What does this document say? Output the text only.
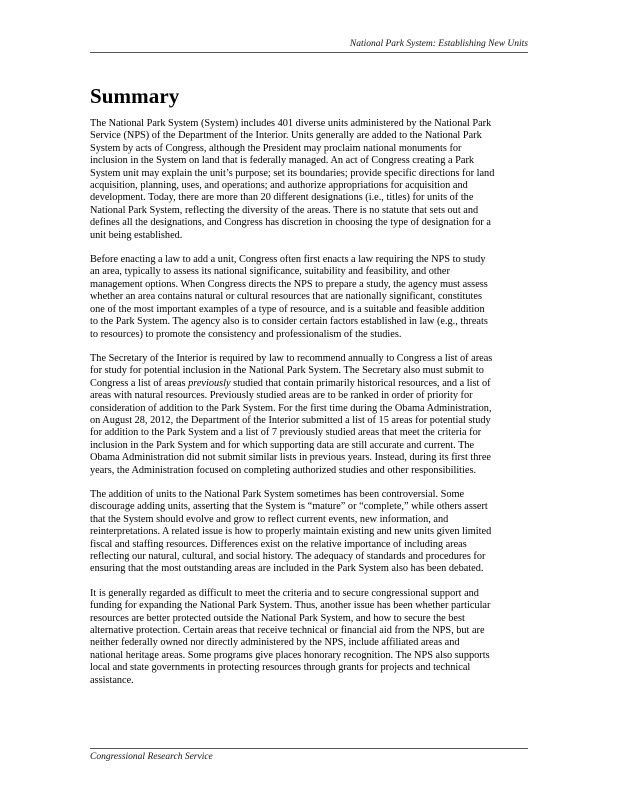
National Park System: Establishing New Units
Summary

The National Park System (System) includes 401 diverse units administered by the National Park
Service (NPS) of the Department of the Interior. Units generally are added to the National Park
System by acts of Congress, although the President may proclaim national monuments for
inclusion in the System on land that is federally managed. An act of Congress creating a Park
System unit may explain the unit’s purpose; set its boundaries; provide specific directions for land
acquisition, planning, uses, and operations; and authorize appropriations for acquisition and
development. Today, there are more than 20 different designations (i.e., titles) for units of the
National Park System, reflecting the diversity of the areas. There is no statute that sets out and
defines all the designations, and Congress has discretion in choosing the type of designation for a
unit being established.

Before enacting a law to add a unit, Congress often first enacts a law requiring the NPS to study
an area, typically to assess its national significance, suitability and feasibility, and other
management options. When Congress directs the NPS to prepare a study, the agency must assess
whether an area contains natural or cultural resources that are nationally significant, constitutes
one of the most important examples of a type of resource, and is a suitable and feasible addition
to the Park System. The agency also is to consider certain factors established in law (e.g., threats
to resources) to promote the consistency and professionalism of the studies.

The Secretary of the Interior is required by law to recommend annually to Congress a list of areas
for study for potential inclusion in the National Park System. The Secretary also must submit to
Congress a list of areas previously studied that contain primarily historical resources, and a list of
areas with natural resources. Previously studied areas are to be ranked in order of priority for
consideration of addition to the Park System. For the first time during the Obama Administration,
on August 28, 2012, the Department of the Interior submitted a list of 15 areas for potential study
for addition to the Park System and a list of 7 previously studied areas that meet the criteria for
inclusion in the Park System and for which supporting data are still accurate and current. The
Obama Administration did not submit similar lists in previous years. Instead, during its first three
years, the Administration focused on completing authorized studies and other responsibilities.

The addition of units to the National Park System sometimes has been controversial. Some
discourage adding units, asserting that the System is “mature” or “complete,” while others assert
that the System should evolve and grow to reflect current events, new information, and
reinterpretations. A related issue is how to properly maintain existing and new units given limited
fiscal and staffing resources. Differences exist on the relative importance of including areas
reflecting our natural, cultural, and social history. The adequacy of standards and procedures for
ensuring that the most outstanding areas are included in the Park System also has been debated.

It is generally regarded as difficult to meet the criteria and to secure congressional support and
funding for expanding the National Park System. Thus, another issue has been whether particular
resources are better protected outside the National Park System, and how to secure the best
alternative protection. Certain areas that receive technical or financial aid from the NPS, but are
neither federally owned nor directly administered by the NPS, include affiliated areas and
national heritage areas. Some programs give places honorary recognition. The NPS also supports
local and state governments in protecting resources through grants for projects and technical
assistance.

Congressional Research Service
